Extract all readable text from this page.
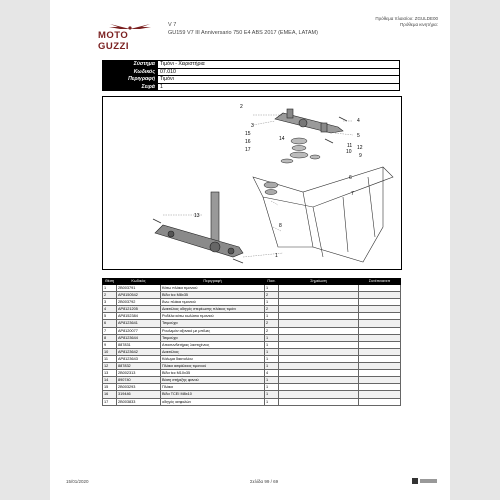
MOTO GUZZI
V 7
GU159 V7 III Anniversario 750 E4 ABS 2017 (EMEA, LATAM)
Πρόθεμα πλαισίου: ZGULDE00
Πρόθεμα κινητήρα:
Σύστημα	Τιμόνι - Χειριστήρια
Κωδικός	07.010
Περιγραφή	Τιμόνι
Σειρά	1
2
3
4
5
6
7
8
9
10
11 12
13
14
15
16
17
1
Θέση	Κωδικός	Περιγραφή	Ποσ.	Σημείωση	Συνέπειανεπ
1	2B003791	Κάτω πλάκα τιμονιού	1		
2	AP8150542	Βίδα tcc M8x35	2		
3	2B003792	Άνω πλάκα τιμονιού	1		
4	AP8121205	Δακτύλιος οδηγός στερέωσης πλάκας τιμόνι	2		
5	AP8152384	Ροδέλα κάτω κωλύσιο τιμονιού	1		
6	AP8123641	Τσιμούχα	2		
7	AP8120077	Ρουλεμάν αξονικό με μπίλιες	2		
8	AP8123644	Τσιμούχα	1		
9	887831	Αποσυνδετήρας λαστιχένιος	1		
10	AP8123642	Δακτύλιος	1		
11	AP8123643	Κάλυμα δακτυλίου	1		
12	887832	Πλάκα ασφάλειας τιμονιού	1		
13	2B002313	Βίδα tcc M10x35	4		
14	890740	Βάση στήριξης φανού	1		
15	2B003293	Πλάκα	1		
16	319446	Βίδα TCEI M8x10	1		
17	2B003833	οδηγός ασφαλών	1		
15/01/2020	Σελίδα 99 / 69
